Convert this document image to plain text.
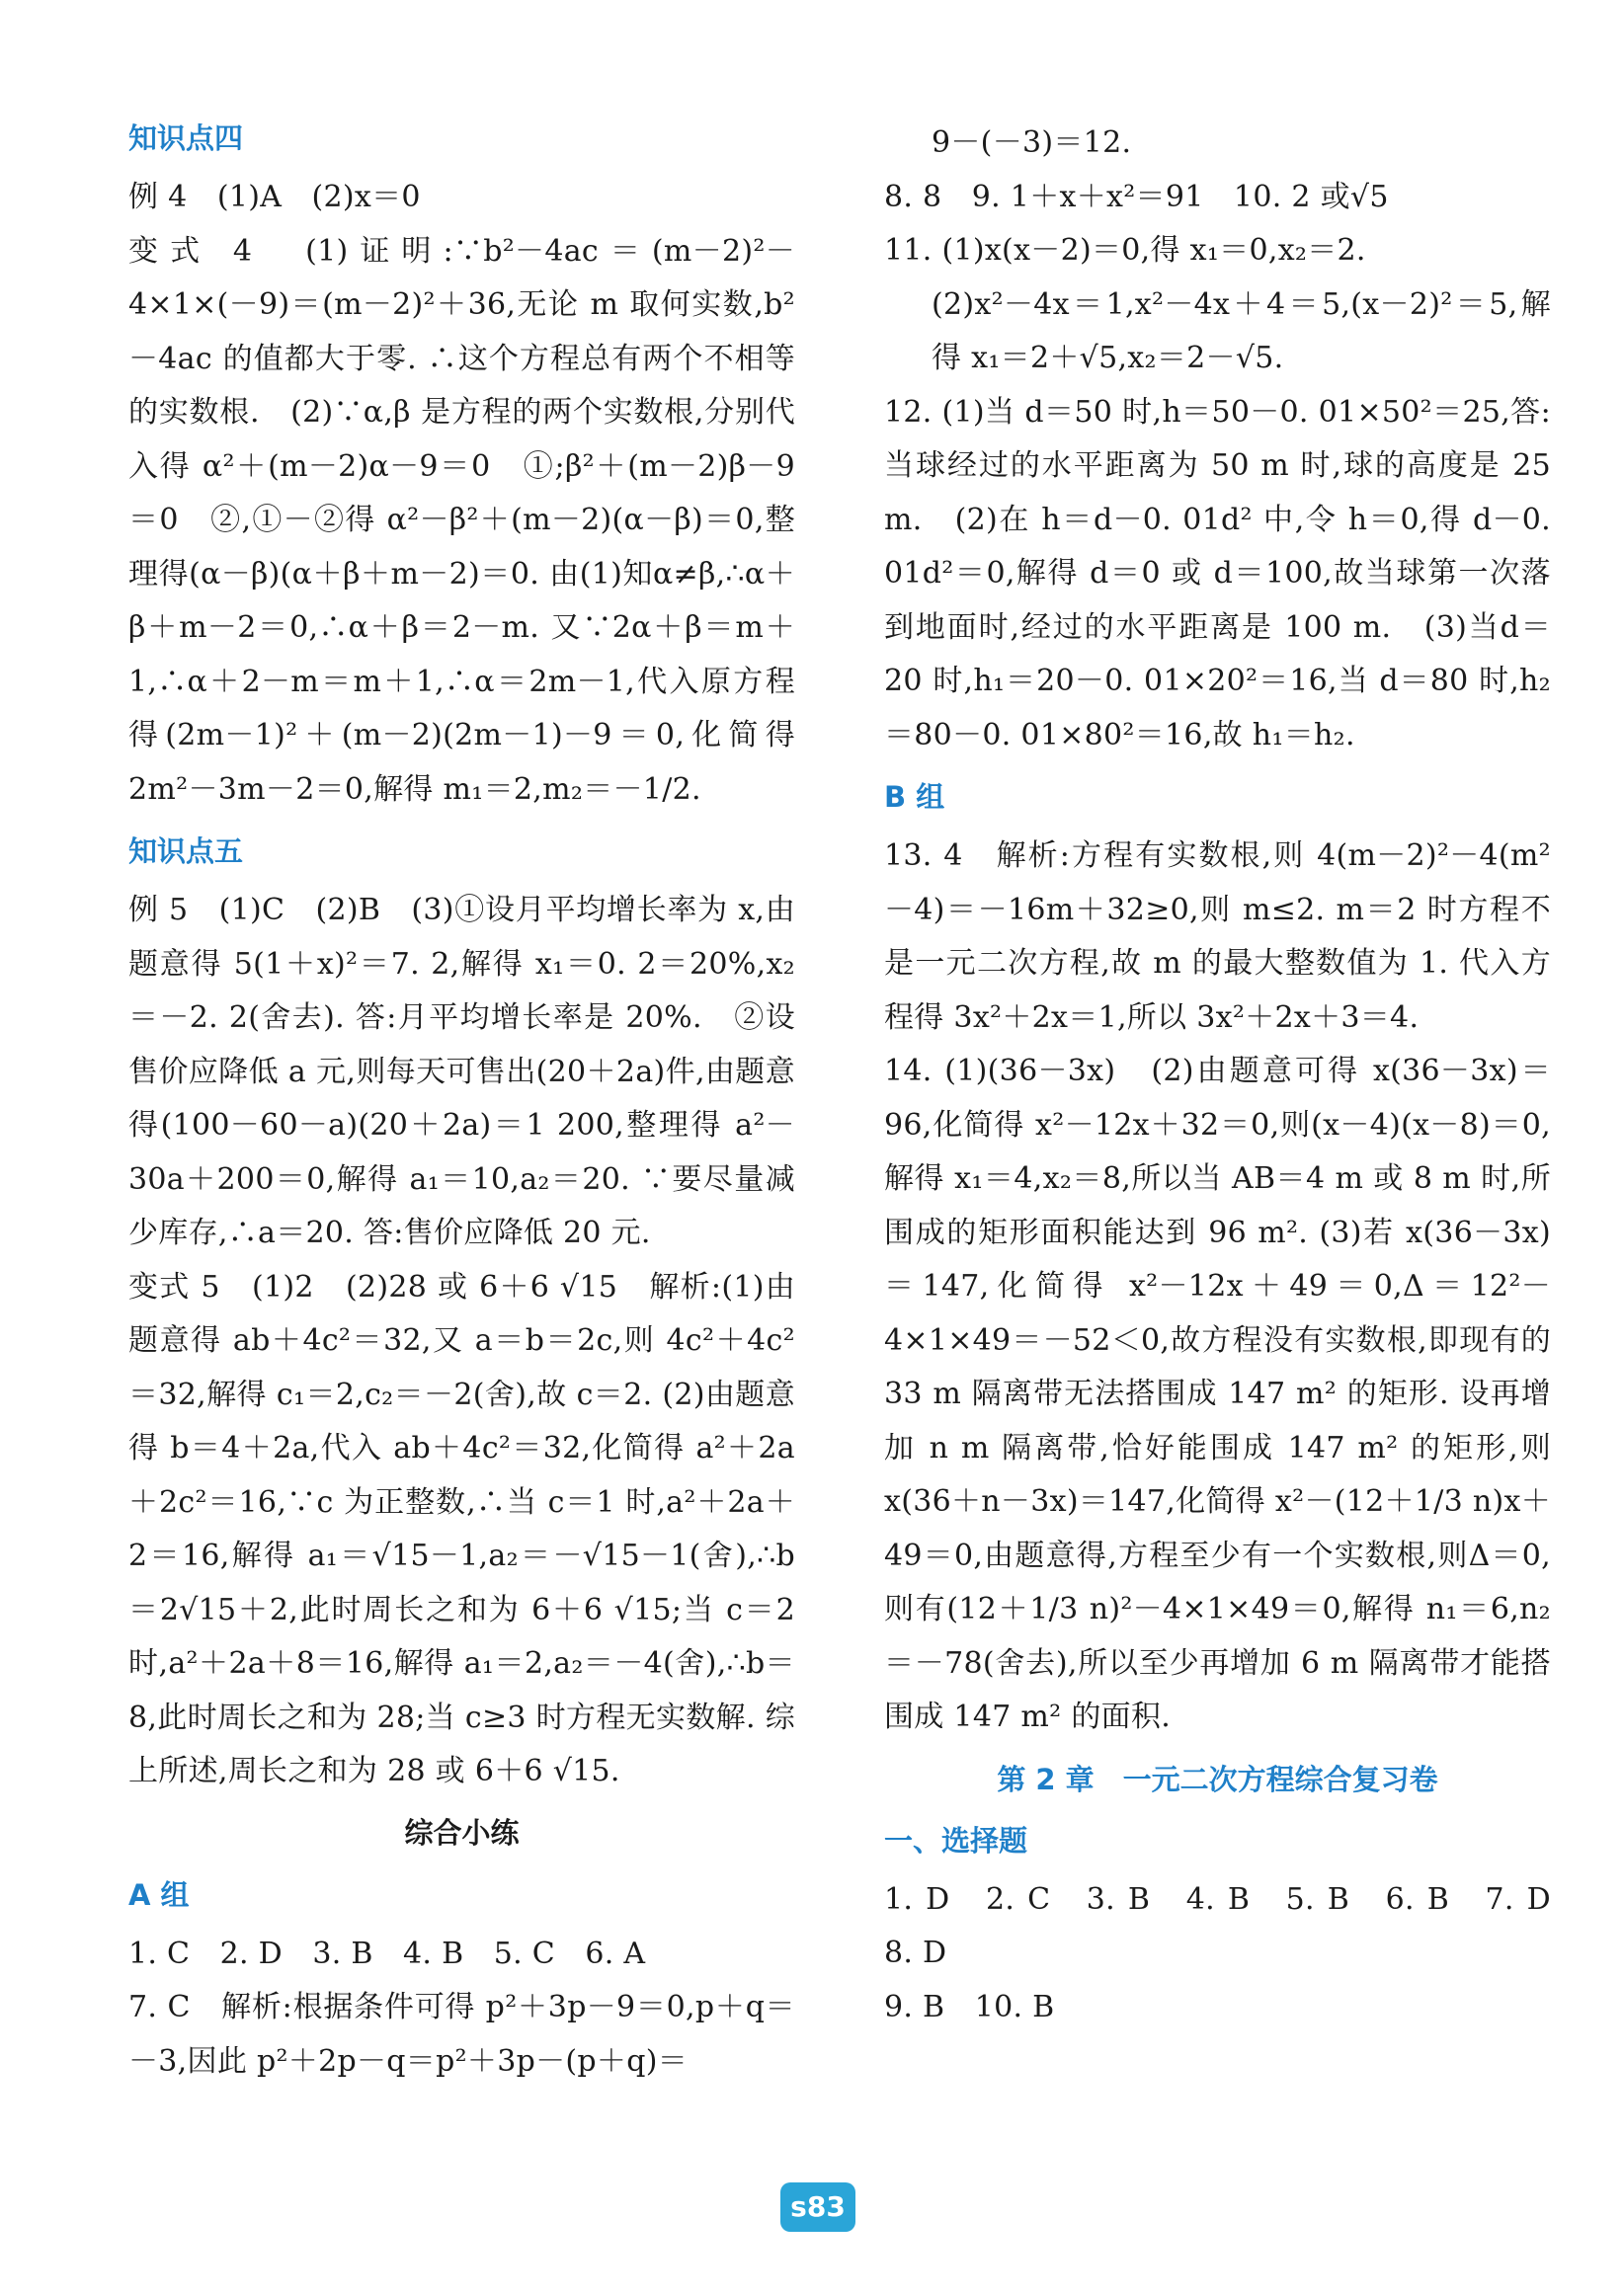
知识点四

例 4　(1)A　(2)x＝0

变式 4　(1)证明:∵b²－4ac＝(m－2)²－4×1×(－9)＝(m－2)²＋36,无论 m 取何实数,b²－4ac 的值都大于零. ∴这个方程总有两个不相等的实数根.　(2)∵α,β 是方程的两个实数根,分别代入得 α²＋(m－2)α－9＝0　①;β²＋(m－2)β－9＝0　②,①－②得 α²－β²＋(m－2)(α－β)＝0,整理得(α－β)(α＋β＋m－2)＝0. 由(1)知α≠β,∴α＋β＋m－2＝0,∴α＋β＝2－m. 又∵2α＋β＝m＋1,∴α＋2－m＝m＋1,∴α＝2m－1,代入原方程得(2m－1)²＋(m－2)(2m－1)－9＝0,化简得 2m²－3m－2＝0,解得 m₁＝2,m₂＝－1/2.

知识点五

例 5　(1)C　(2)B　(3)①设月平均增长率为 x,由题意得 5(1＋x)²＝7. 2,解得 x₁＝0. 2＝20%,x₂＝－2. 2(舍去). 答:月平均增长率是 20%.　②设售价应降低 a 元,则每天可售出(20＋2a)件,由题意得(100－60－a)(20＋2a)＝1 200,整理得 a²－30a＋200＝0,解得 a₁＝10,a₂＝20. ∵要尽量减少库存,∴a＝20. 答:售价应降低 20 元.

变式 5　(1)2　(2)28 或 6＋6 √15　解析:(1)由题意得 ab＋4c²＝32,又 a＝b＝2c,则 4c²＋4c²＝32,解得 c₁＝2,c₂＝－2(舍),故 c＝2. (2)由题意得 b＝4＋2a,代入 ab＋4c²＝32,化简得 a²＋2a＋2c²＝16,∵c 为正整数,∴当 c＝1 时,a²＋2a＋2＝16,解得 a₁＝√15－1,a₂＝－√15－1(舍),∴b＝2√15＋2,此时周长之和为 6＋6 √15;当 c＝2 时,a²＋2a＋8＝16,解得 a₁＝2,a₂＝－4(舍),∴b＝8,此时周长之和为 28;当 c≥3 时方程无实数解. 综上所述,周长之和为 28 或 6＋6 √15.

综合小练
A 组

1. C　2. D　3. B　4. B　5. C　6. A

7. C　解析:根据条件可得 p²＋3p－9＝0,p＋q＝－3,因此 p²＋2p－q＝p²＋3p－(p＋q)＝

9－(－3)＝12.

8. 8　9. 1＋x＋x²＝91　10. 2 或√5

11. (1)x(x－2)＝0,得 x₁＝0,x₂＝2.

(2)x²－4x＝1,x²－4x＋4＝5,(x－2)²＝5,解得 x₁＝2＋√5,x₂＝2－√5.

12. (1)当 d＝50 时,h＝50－0. 01×50²＝25,答:当球经过的水平距离为 50 m 时,球的高度是 25 m.　(2)在 h＝d－0. 01d² 中,令 h＝0,得 d－0. 01d²＝0,解得 d＝0 或 d＝100,故当球第一次落到地面时,经过的水平距离是 100 m.　(3)当d＝20 时,h₁＝20－0. 01×20²＝16,当 d＝80 时,h₂＝80－0. 01×80²＝16,故 h₁＝h₂.

B 组

13. 4　解析:方程有实数根,则 4(m－2)²－4(m²－4)＝－16m＋32≥0,则 m≤2. m＝2 时方程不是一元二次方程,故 m 的最大整数值为 1. 代入方程得 3x²＋2x＝1,所以 3x²＋2x＋3＝4.

14. (1)(36－3x)　(2)由题意可得 x(36－3x)＝96,化简得 x²－12x＋32＝0,则(x－4)(x－8)＝0,解得 x₁＝4,x₂＝8,所以当 AB＝4 m 或 8 m 时,所围成的矩形面积能达到 96 m². (3)若 x(36－3x)＝147,化简得 x²－12x＋49＝0,Δ＝12²－4×1×49＝－52＜0,故方程没有实数根,即现有的 33 m 隔离带无法搭围成 147 m² 的矩形. 设再增加 n m 隔离带,恰好能围成 147 m² 的矩形,则 x(36＋n－3x)＝147,化简得 x²－(12＋1/3 n)x＋49＝0,由题意得,方程至少有一个实数根,则Δ＝0,则有(12＋1/3 n)²－4×1×49＝0,解得 n₁＝6,n₂＝－78(舍去),所以至少再增加 6 m 隔离带才能搭围成 147 m² 的面积.

第 2 章　一元二次方程综合复习卷
一、选择题

1. D　2. C　3. B　4. B　5. B　6. B　7. D　8. D

9. B　10. B

s83
